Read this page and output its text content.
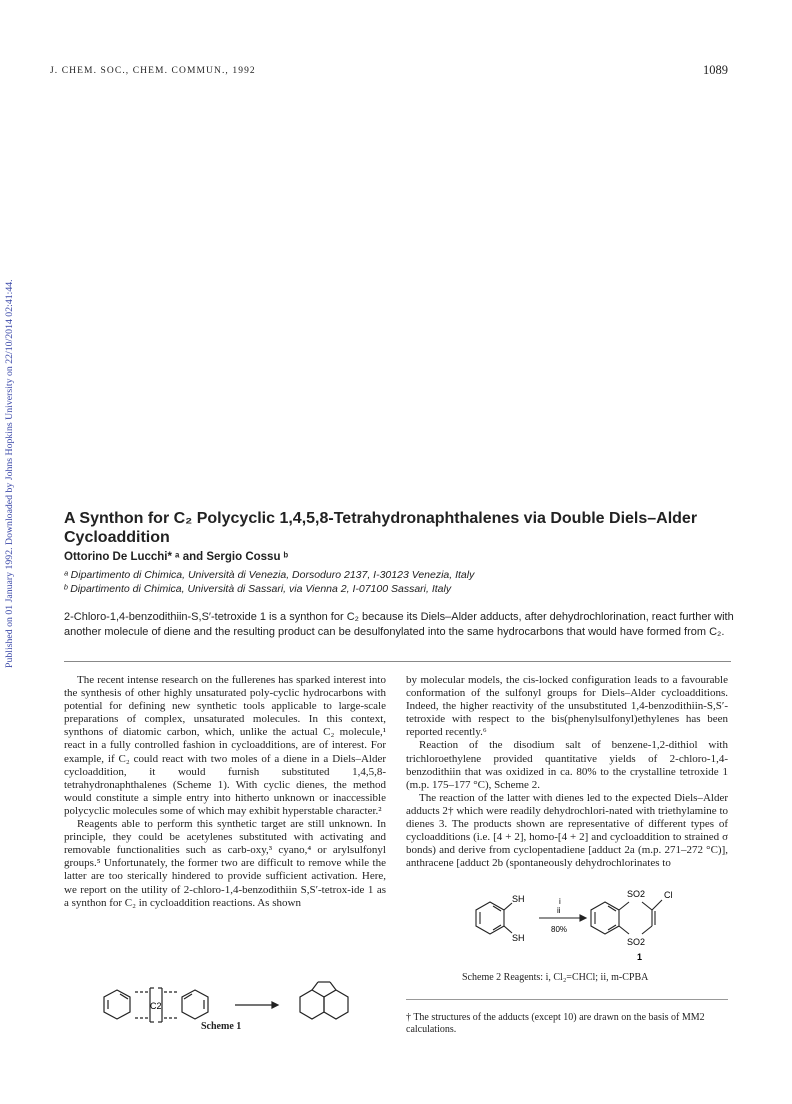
J. CHEM. SOC., CHEM. COMMUN., 1992	1089
Published on 01 January 1992. Downloaded by Johns Hopkins University on 22/10/2014 02:41:44.	A Synthon for C₂ Polycyclic 1,4,5,8-Tetrahydronaphthalenes via Double Diels–Alder
Cycloaddition
Ottorino De Lucchi* ᵃ and Sergio Cossu ᵇ
ᵃ Dipartimento di Chimica, Università di Venezia, Dorsoduro 2137, I-30123 Venezia, Italy
ᵇ Dipartimento di Chimica, Università di Sassari, via Vienna 2, I-07100 Sassari, Italy
2-Chloro-1,4-benzodithiin-S,S′-tetroxide 1 is a synthon for C₂ because its Diels–Alder adducts, after dehydrochlorination, react further with another molecule of diene and the resulting product can be desulfonylated into the same hydrocarbons that would have formed from C₂.

The recent intense research on the fullerenes has sparked interest into the synthesis of other highly unsaturated poly-cyclic hydrocarbons with potential for defining new synthetic tools applicable to large-scale preparations of complex, unsaturated molecules. In this context, synthons of diatomic carbon, which, unlike the actual C₂ molecule,¹ react in a fully controlled fashion in cycloadditions, are of interest. For example, if C₂ could react with two moles of a diene in a Diels–Alder cycloaddition, it would furnish substituted 1,4,5,8-tetrahydronaphthalenes (Scheme 1). With cyclic dienes, the method would constitute a simple entry into hitherto unknown or inaccessible polycyclic molecules some of which may exhibit hyperstable character.²

Reagents able to perform this synthetic target are still unknown. In principle, they could be acetylenes substituted with activating and removable functionalities such as carb-oxy,³ cyano,⁴ or arylsulfonyl groups.⁵ Unfortunately, the former two are difficult to remove while the latter are too sterically hindered to provide sufficient activation. Here, we report on the utility of 2-chloro-1,4-benzodithiin S,S′-tetrox-ide 1 as a synthon for C₂ in cycloaddition reactions. As shown

by molecular models, the cis-locked configuration leads to a favourable conformation of the sulfonyl groups for Diels–Alder cycloadditions. Indeed, the higher reactivity of the unsubstituted 1,4-benzodithiin-S,S′-tetroxide with respect to the bis(phenylsulfonyl)ethylenes has been reported recently.⁶

Reaction of the disodium salt of benzene-1,2-dithiol with trichloroethylene provided quantitative yields of 2-chloro-1,4-benzodithiin that was oxidized in ca. 80% to the crystalline tetroxide 1 (m.p. 175–177 °C), Scheme 2.

The reaction of the latter with dienes led to the expected Diels–Alder adducts 2† which were readily dehydrochlori-nated with triethylamine to dienes 3. The products shown are representative of different types of cycloadditions (i.e. [4 + 2], homo-[4 + 2] and cycloaddition to strained σ bonds) and derive from cyclopentadiene [adduct 2a (m.p. 271–272 °C)], anthracene [adduct 2b (spontaneously dehydrochlorinates to

C2
Scheme 1
SH
SH
i
ii
80%
SO2
SO2
Cl
1
Scheme 2 Reagents: i, Cl₂=CHCl; ii, m-CPBA
† The structures of the adducts (except 10) are drawn on the basis of MM2 calculations.
